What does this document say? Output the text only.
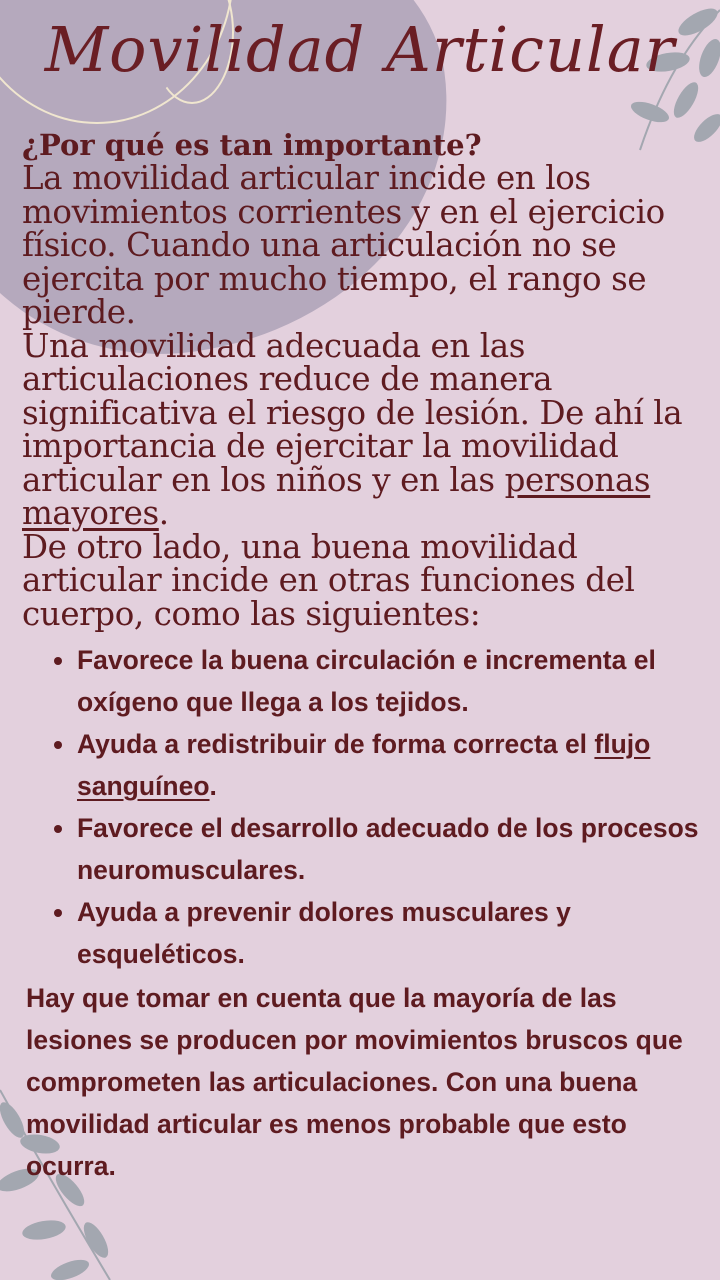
Movilidad Articular
¿Por qué es tan importante?

La movilidad articular incide en los movimientos corrientes y en el ejercicio físico. Cuando una articulación no se ejercita por mucho tiempo, el rango se pierde.

Una movilidad adecuada en las articulaciones reduce de manera significativa el riesgo de lesión. De ahí la importancia de ejercitar la movilidad articular en los niños y en las personas mayores.

De otro lado, una buena movilidad articular incide en otras funciones del cuerpo, como las siguientes:

• Favorece la buena circulación e incrementa el oxígeno que llega a los tejidos.
• Ayuda a redistribuir de forma correcta el flujo sanguíneo.
• Favorece el desarrollo adecuado de los procesos neuromusculares.
• Ayuda a prevenir dolores musculares y esqueléticos.

Hay que tomar en cuenta que la mayoría de las lesiones se producen por movimientos bruscos que comprometen las articulaciones. Con una buena movilidad articular es menos probable que esto ocurra.
